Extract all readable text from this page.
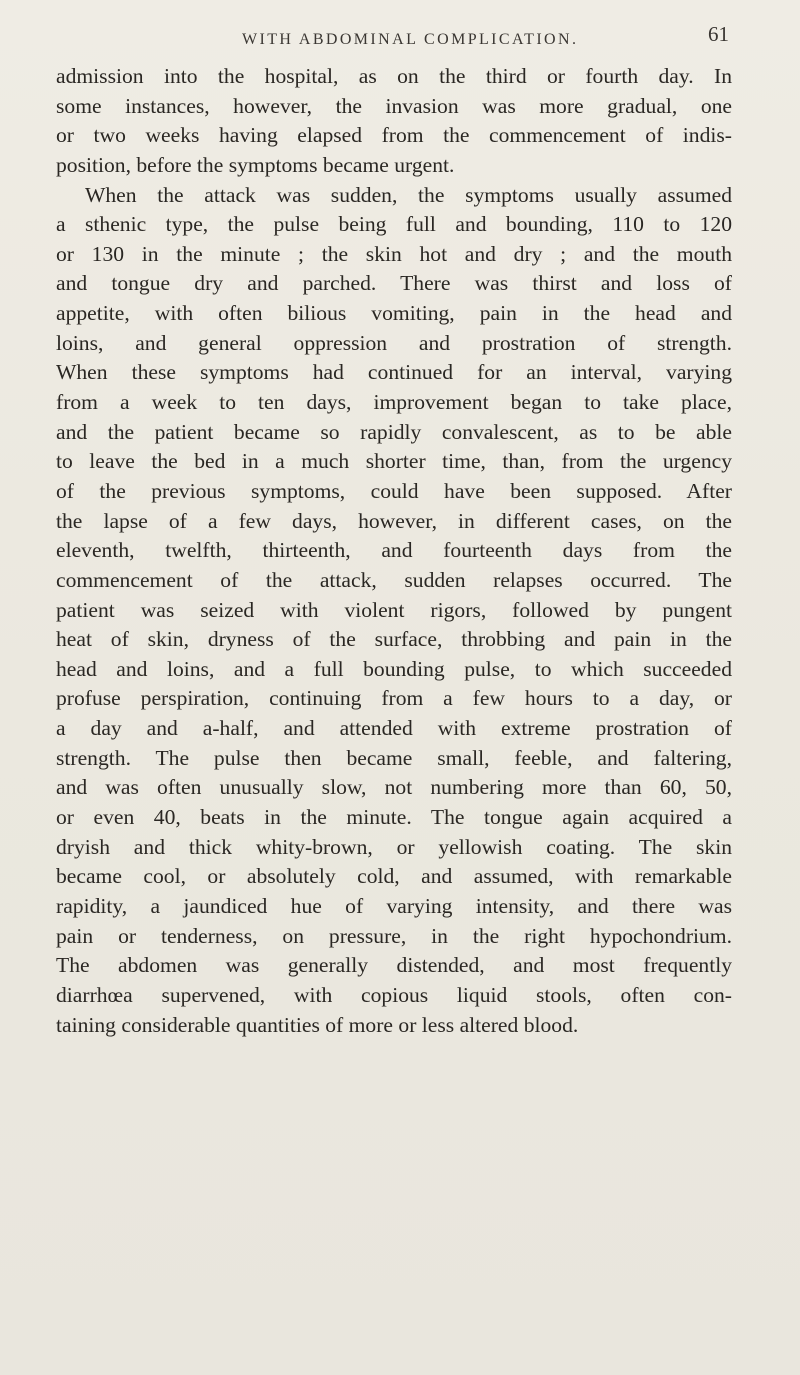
WITH ABDOMINAL COMPLICATION.	61
admission into the hospital, as on the third or fourth day. In
some instances, however, the invasion was more gradual, one
or two weeks having elapsed from the commencement of indis-
position, before the symptoms became urgent.
When the attack was sudden, the symptoms usually assumed
a sthenic type, the pulse being full and bounding, 110 to 120
or 130 in the minute ; the skin hot and dry ; and the mouth
and tongue dry and parched. There was thirst and loss of
appetite, with often bilious vomiting, pain in the head and
loins, and general oppression and prostration of strength.
When these symptoms had continued for an interval, varying
from a week to ten days, improvement began to take place,
and the patient became so rapidly convalescent, as to be able
to leave the bed in a much shorter time, than, from the urgency
of the previous symptoms, could have been supposed. After
the lapse of a few days, however, in different cases, on the
eleventh, twelfth, thirteenth, and fourteenth days from the
commencement of the attack, sudden relapses occurred. The
patient was seized with violent rigors, followed by pungent
heat of skin, dryness of the surface, throbbing and pain in the
head and loins, and a full bounding pulse, to which succeeded
profuse perspiration, continuing from a few hours to a day, or
a day and a-half, and attended with extreme prostration of
strength. The pulse then became small, feeble, and faltering,
and was often unusually slow, not numbering more than 60, 50,
or even 40, beats in the minute. The tongue again acquired a
dryish and thick whity-brown, or yellowish coating. The skin
became cool, or absolutely cold, and assumed, with remarkable
rapidity, a jaundiced hue of varying intensity, and there was
pain or tenderness, on pressure, in the right hypochondrium.
The abdomen was generally distended, and most frequently
diarrhœa supervened, with copious liquid stools, often con-
taining considerable quantities of more or less altered blood.
